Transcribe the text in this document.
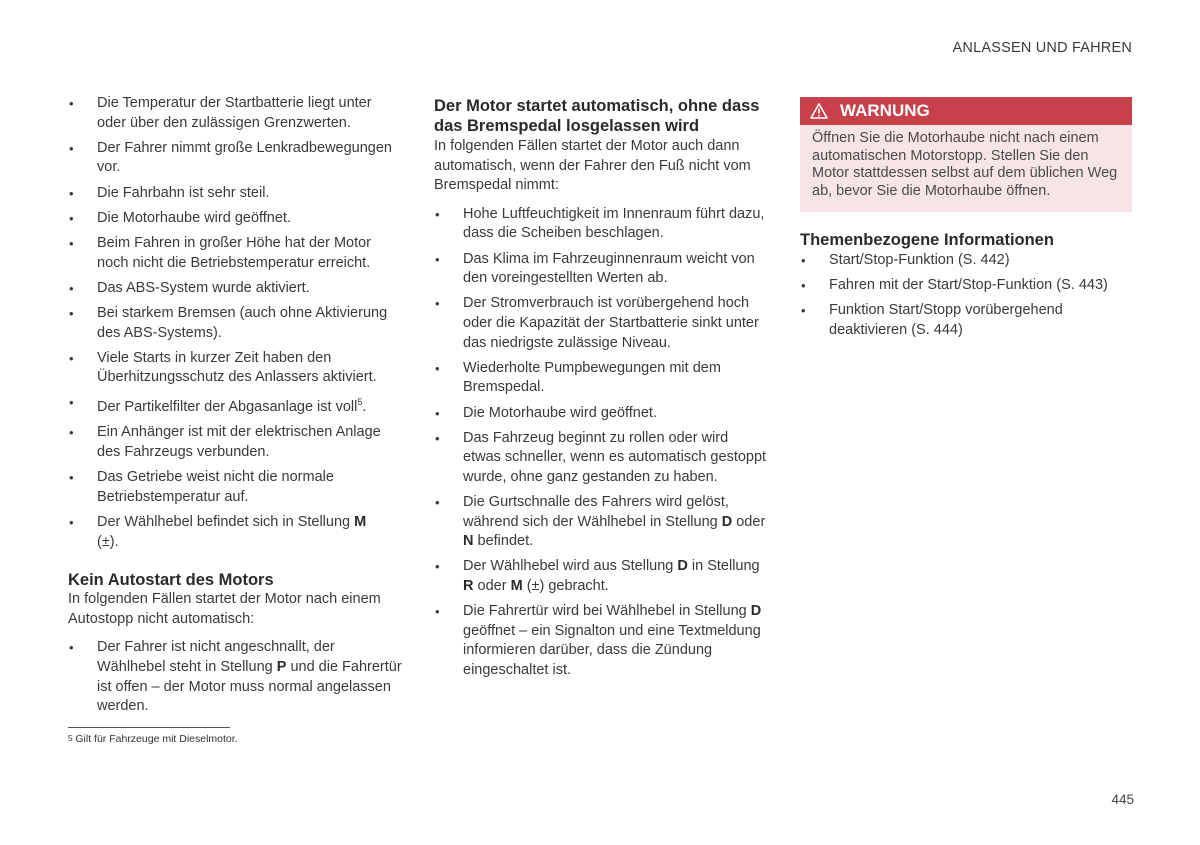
ANLASSEN UND FAHREN
• Die Temperatur der Startbatterie liegt unter oder über den zulässigen Grenzwerten.
• Der Fahrer nimmt große Lenkradbewegungen vor.
• Die Fahrbahn ist sehr steil.
• Die Motorhaube wird geöffnet.
• Beim Fahren in großer Höhe hat der Motor noch nicht die Betriebstemperatur erreicht.
• Das ABS-System wurde aktiviert.
• Bei starkem Bremsen (auch ohne Aktivierung des ABS-Systems).
• Viele Starts in kurzer Zeit haben den Überhitzungsschutz des Anlassers aktiviert.
• Der Partikelfilter der Abgasanlage ist voll$^5$.
• Ein Anhänger ist mit der elektrischen Anlage des Fahrzeugs verbunden.
• Das Getriebe weist nicht die normale Betriebstemperatur auf.
• Der Wählhebel befindet sich in Stellung M
(±).
Kein Autostart des Motors

In folgenden Fällen startet der Motor nach einem Autostopp nicht automatisch:

• Der Fahrer ist nicht angeschnallt, der Wählhebel steht in Stellung P und die Fahrertür ist offen – der Motor muss normal angelassen werden.
Der Motor startet automatisch, ohne dass das Bremspedal losgelassen wird

In folgenden Fällen startet der Motor auch dann automatisch, wenn der Fahrer den Fuß nicht vom Bremspedal nimmt:

• Hohe Luftfeuchtigkeit im Innenraum führt dazu, dass die Scheiben beschlagen.
• Das Klima im Fahrzeuginnenraum weicht von den voreingestellten Werten ab.
• Der Stromverbrauch ist vorübergehend hoch oder die Kapazität der Startbatterie sinkt unter das niedrigste zulässige Niveau.
• Wiederholte Pumpbewegungen mit dem Bremspedal.
• Die Motorhaube wird geöffnet.
• Das Fahrzeug beginnt zu rollen oder wird etwas schneller, wenn es automatisch gestoppt wurde, ohne ganz gestanden zu haben.
• Die Gurtschnalle des Fahrers wird gelöst, während sich der Wählhebel in Stellung D oder N befindet.
• Der Wählhebel wird aus Stellung D in Stellung R oder M (±) gebracht.
• Die Fahrertür wird bei Wählhebel in Stellung D geöffnet – ein Signalton und eine Textmeldung informieren darüber, dass die Zündung eingeschaltet ist.
WARNUNG
Öffnen Sie die Motorhaube nicht nach einem automatischen Motorstopp. Stellen Sie den Motor stattdessen selbst auf dem üblichen Weg ab, bevor Sie die Motorhaube öffnen.
Themenbezogene Informationen
• Start/Stop-Funktion (S. 442)
• Fahren mit der Start/Stop-Funktion (S. 443)
• Funktion Start/Stopp vorübergehend deaktivieren (S. 444)
$^5$ Gilt für Fahrzeuge mit Dieselmotor.
445
